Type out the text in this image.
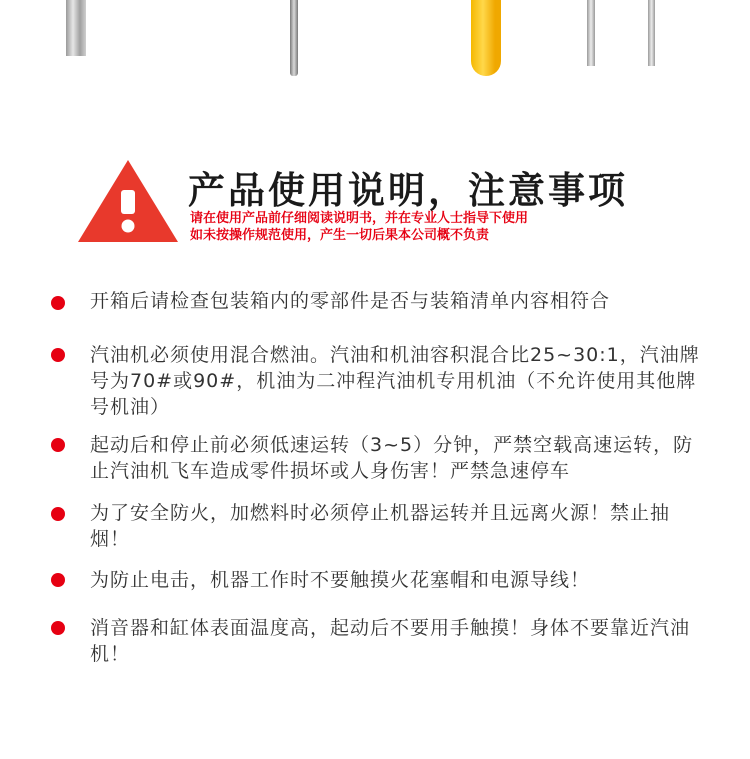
产品使用说明，注意事项
请在使用产品前仔细阅读说明书，并在专业人士指导下使用
如未按操作规范使用，产生一切后果本公司概不负责
开箱后请检查包装箱内的零部件是否与装箱清单内容相符合
汽油机必须使用混合燃油。汽油和机油容积混合比25~30:1，汽油牌号为70#或90#，机油为二冲程汽油机专用机油（不允许使用其他牌号机油）
起动后和停止前必须低速运转（3~5）分钟，严禁空载高速运转，防止汽油机飞车造成零件损坏或人身伤害！严禁急速停车
为了安全防火，加燃料时必须停止机器运转并且远离火源！禁止抽烟！
为防止电击，机器工作时不要触摸火花塞帽和电源导线！
消音器和缸体表面温度高，起动后不要用手触摸！身体不要靠近汽油机！
